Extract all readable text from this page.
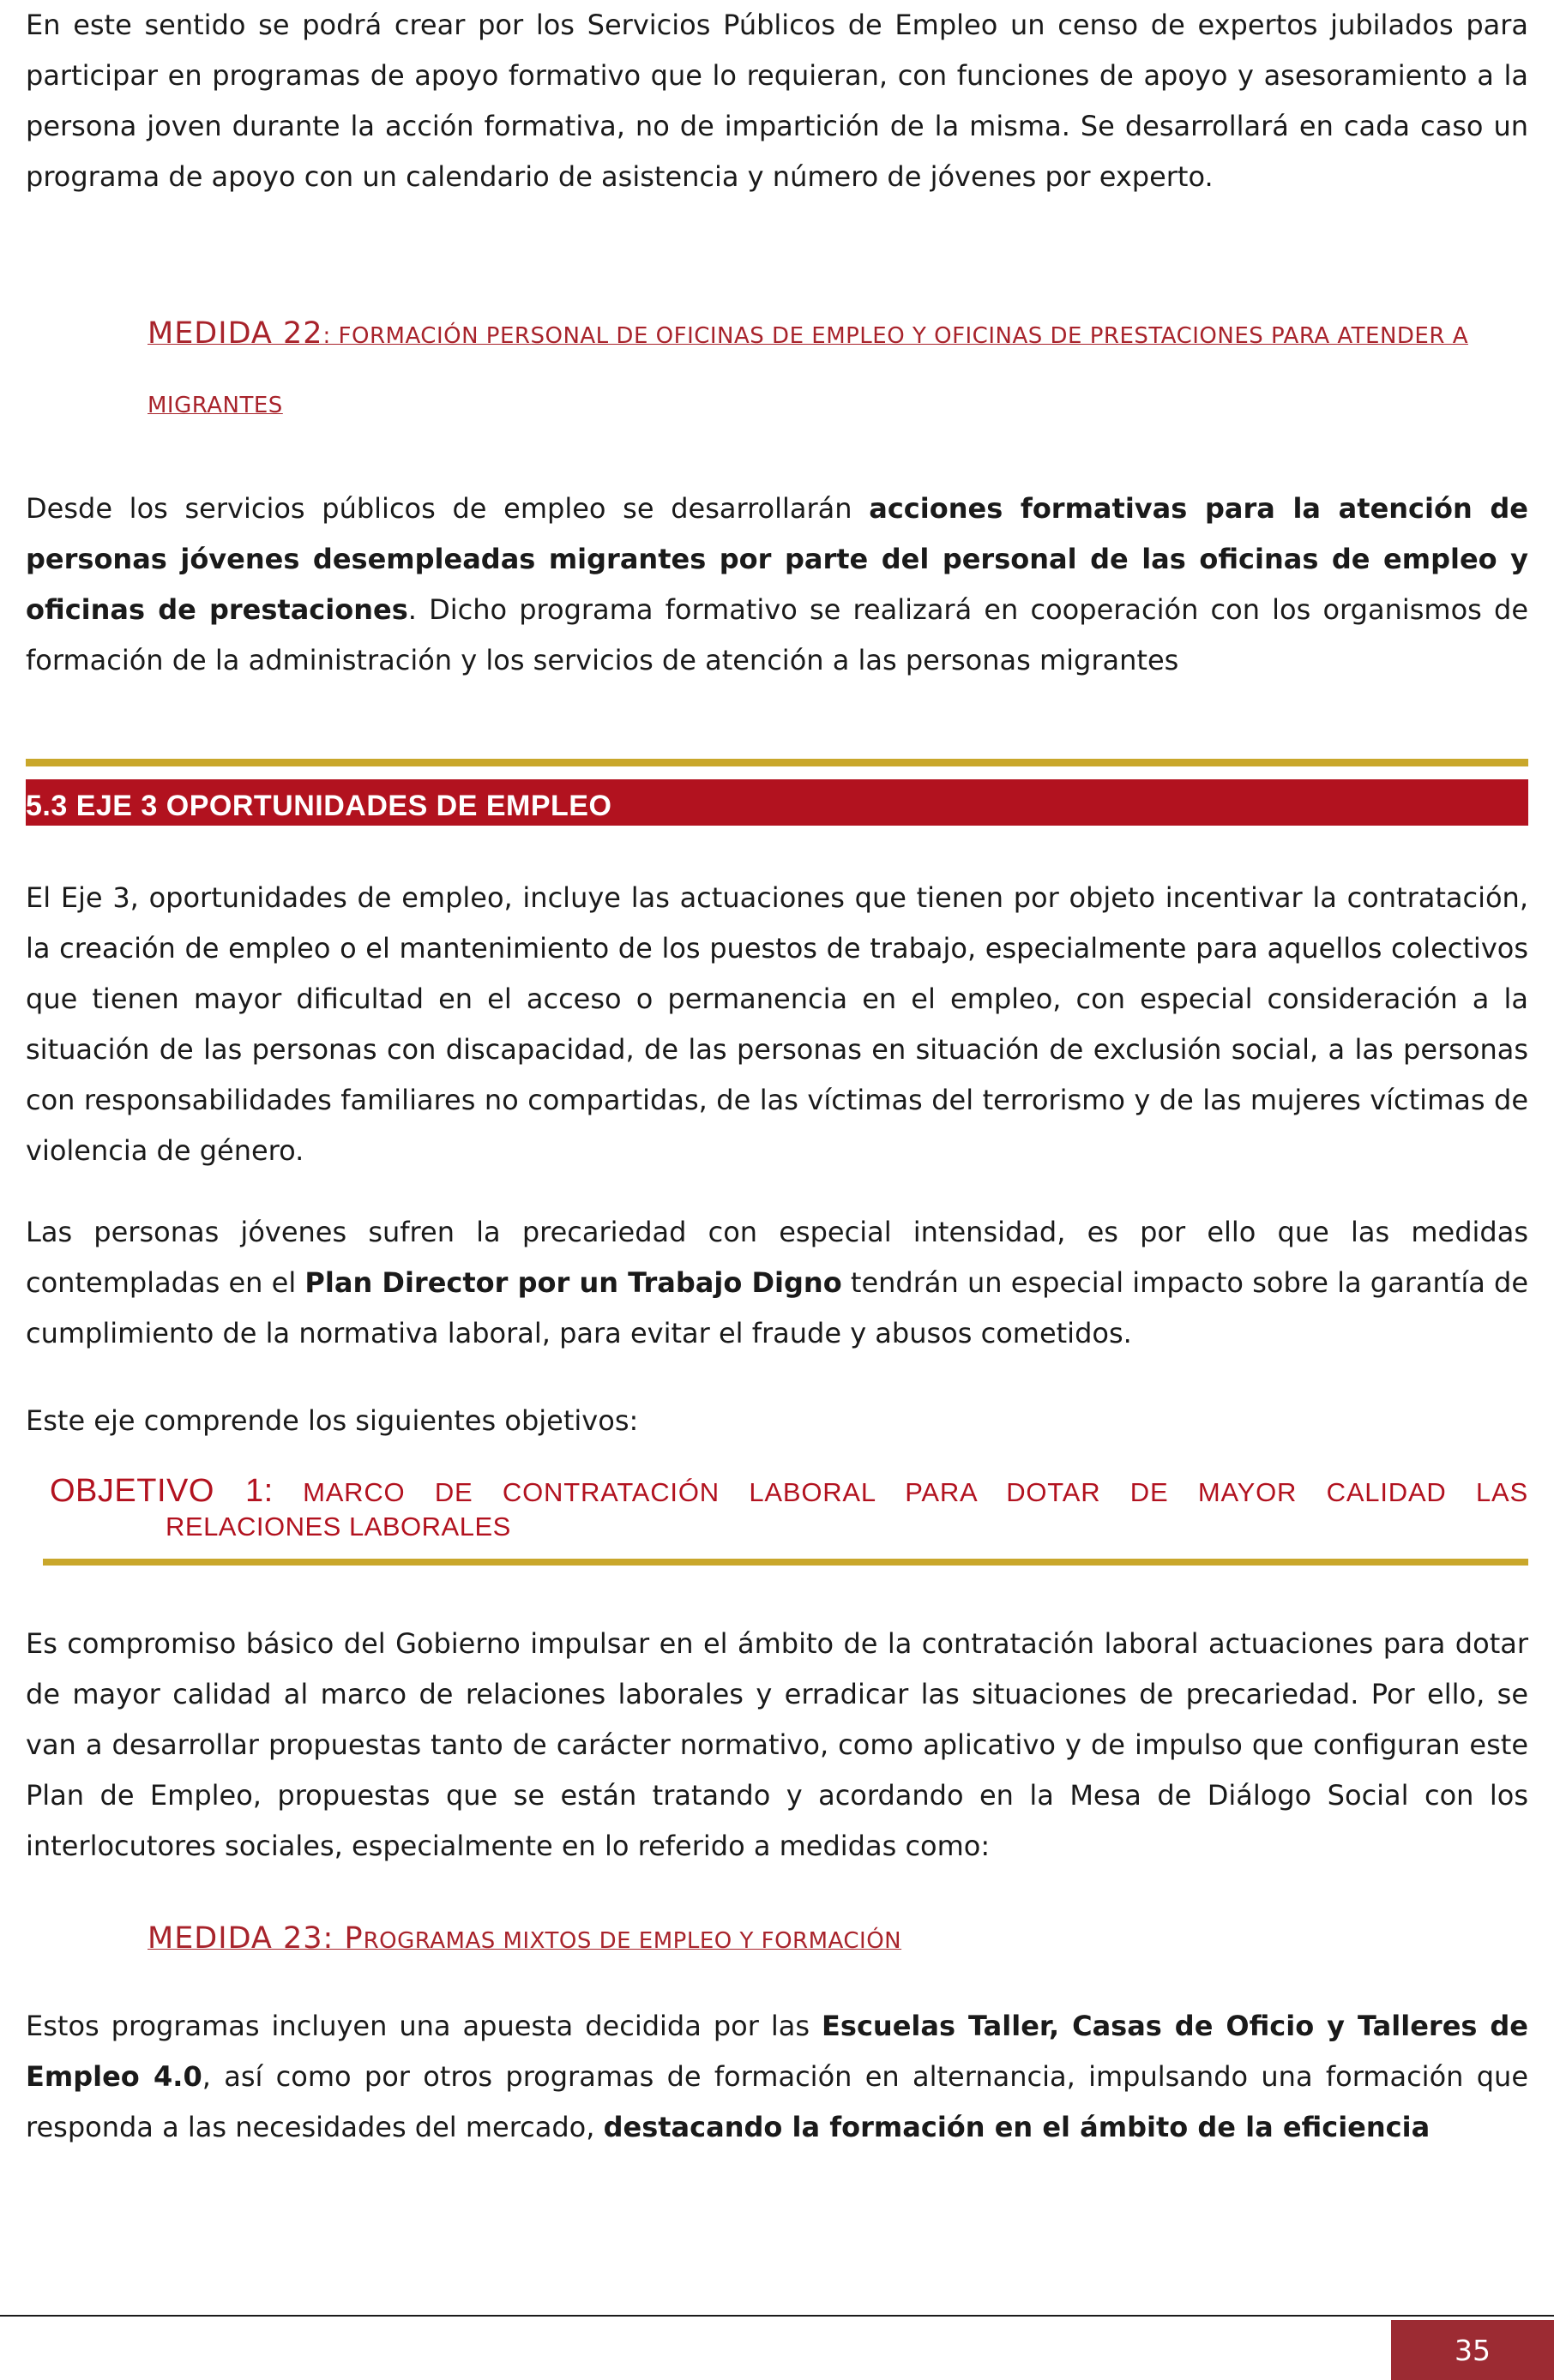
En este sentido se podrá crear por los Servicios Públicos de Empleo un censo de expertos jubilados para participar en programas de apoyo formativo que lo requieran, con funciones de apoyo y asesoramiento a la persona joven durante la acción formativa, no de impartición de la misma. Se desarrollará en cada caso un programa de apoyo con un calendario de asistencia y número de jóvenes por experto.

MEDIDA 22: FORMACIÓN PERSONAL DE OFICINAS DE EMPLEO Y OFICINAS DE PRESTACIONES PARA ATENDER A MIGRANTES

Desde los servicios públicos de empleo se desarrollarán acciones formativas para la atención de personas jóvenes desempleadas migrantes por parte del personal de las oficinas de empleo y oficinas de prestaciones. Dicho programa formativo se realizará en cooperación con los organismos de formación de la administración y los servicios de atención a las personas migrantes

5.3 EJE 3 OPORTUNIDADES DE EMPLEO

El Eje 3, oportunidades de empleo, incluye las actuaciones que tienen por objeto incentivar la contratación, la creación de empleo o el mantenimiento de los puestos de trabajo, especialmente para aquellos colectivos que tienen mayor dificultad en el acceso o permanencia en el empleo, con especial consideración a la situación de las personas con discapacidad, de las personas en situación de exclusión social, a las personas con responsabilidades familiares no compartidas, de las víctimas del terrorismo y de las mujeres víctimas de violencia de género.

Las personas jóvenes sufren la precariedad con especial intensidad, es por ello que las medidas contempladas en el Plan Director por un Trabajo Digno tendrán un especial impacto sobre la garantía de cumplimiento de la normativa laboral, para evitar el fraude y abusos cometidos.

Este eje comprende los siguientes objetivos:

OBJETIVO 1: MARCO DE CONTRATACIÓN LABORAL PARA DOTAR DE MAYOR CALIDAD LAS

RELACIONES LABORALES

Es compromiso básico del Gobierno impulsar en el ámbito de la contratación laboral actuaciones para dotar de mayor calidad al marco de relaciones laborales y erradicar las situaciones de precariedad. Por ello, se van a desarrollar propuestas tanto de carácter normativo, como aplicativo y de impulso que configuran este Plan de Empleo, propuestas que se están tratando y acordando en la Mesa de Diálogo Social con los interlocutores sociales, especialmente en lo referido a medidas como:

MEDIDA 23: PROGRAMAS MIXTOS DE EMPLEO Y FORMACIÓN

Estos programas incluyen una apuesta decidida por las Escuelas Taller, Casas de Oficio y Talleres de Empleo 4.0, así como por otros programas de formación en alternancia, impulsando una formación que responda a las necesidades del mercado, destacando la formación en el ámbito de la eficiencia

35
